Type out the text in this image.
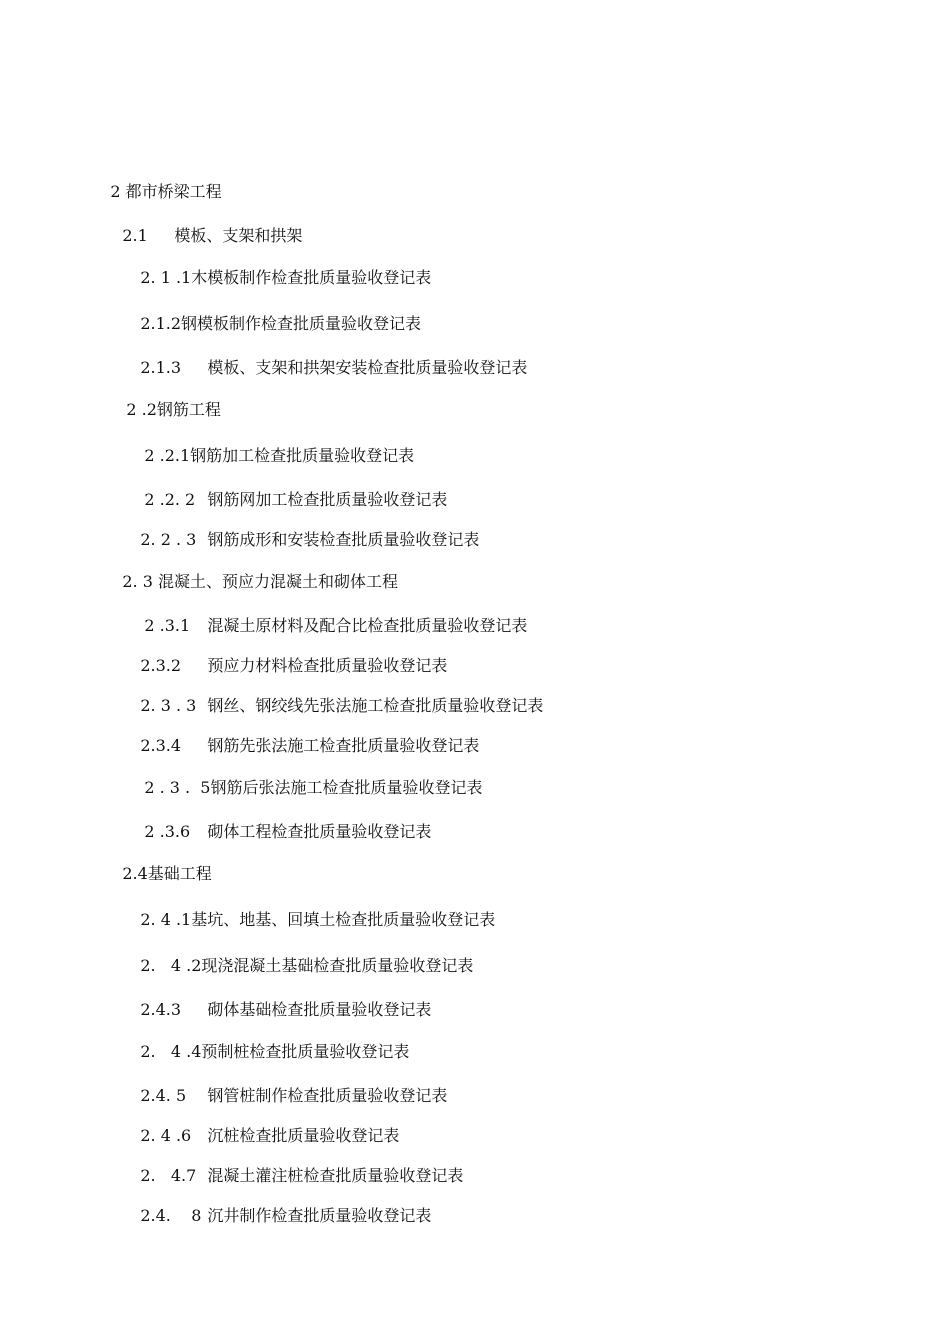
2 ﻿都市桥梁工程

2.1 模板、支架和拱架

2. 1 .1﻿木模板制作检查批质量验收登记表

2.1.2﻿钢模板制作检查批质量验收登记表

2.1.3 模板、支架和拱架安装检查批质量验收登记表

2 .2﻿钢筋工程

2 .2.1﻿钢筋加工检查批质量验收登记表

2 .2. 2 钢筋网加工检查批质量验收登记表

2. 2 . 3 钢筋成形和安装检查批质量验收登记表

2. 3 ﻿混凝土、预应力混凝土和砌体工程

2 .3.1 混凝土原材料及配合比检查批质量验收登记表

2.3.2 预应力材料检查批质量验收登记表

2. 3 . 3 钢丝、钢绞线先张法施工检查批质量验收登记表

2.3.4 钢筋先张法施工检查批质量验收登记表

2 . 3 .  5﻿钢筋后张法施工检查批质量验收登记表

2 .3.6 砌体工程检查批质量验收登记表

2.4﻿基础工程

2. 4 .1﻿基坑、地基、回填土检查批质量验收登记表

2.   4 .2﻿现浇混凝土基础检查批质量验收登记表

2.4.3 砌体基础检查批质量验收登记表

2.   4 .4﻿预制桩检查批质量验收登记表

2.4. 5 钢管桩制作检查批质量验收登记表

2. 4 .6 沉桩检查批质量验收登记表

2.   4.7 混凝土灌注桩检查批质量验收登记表

2.4.    8 沉井制作检查批质量验收登记表
